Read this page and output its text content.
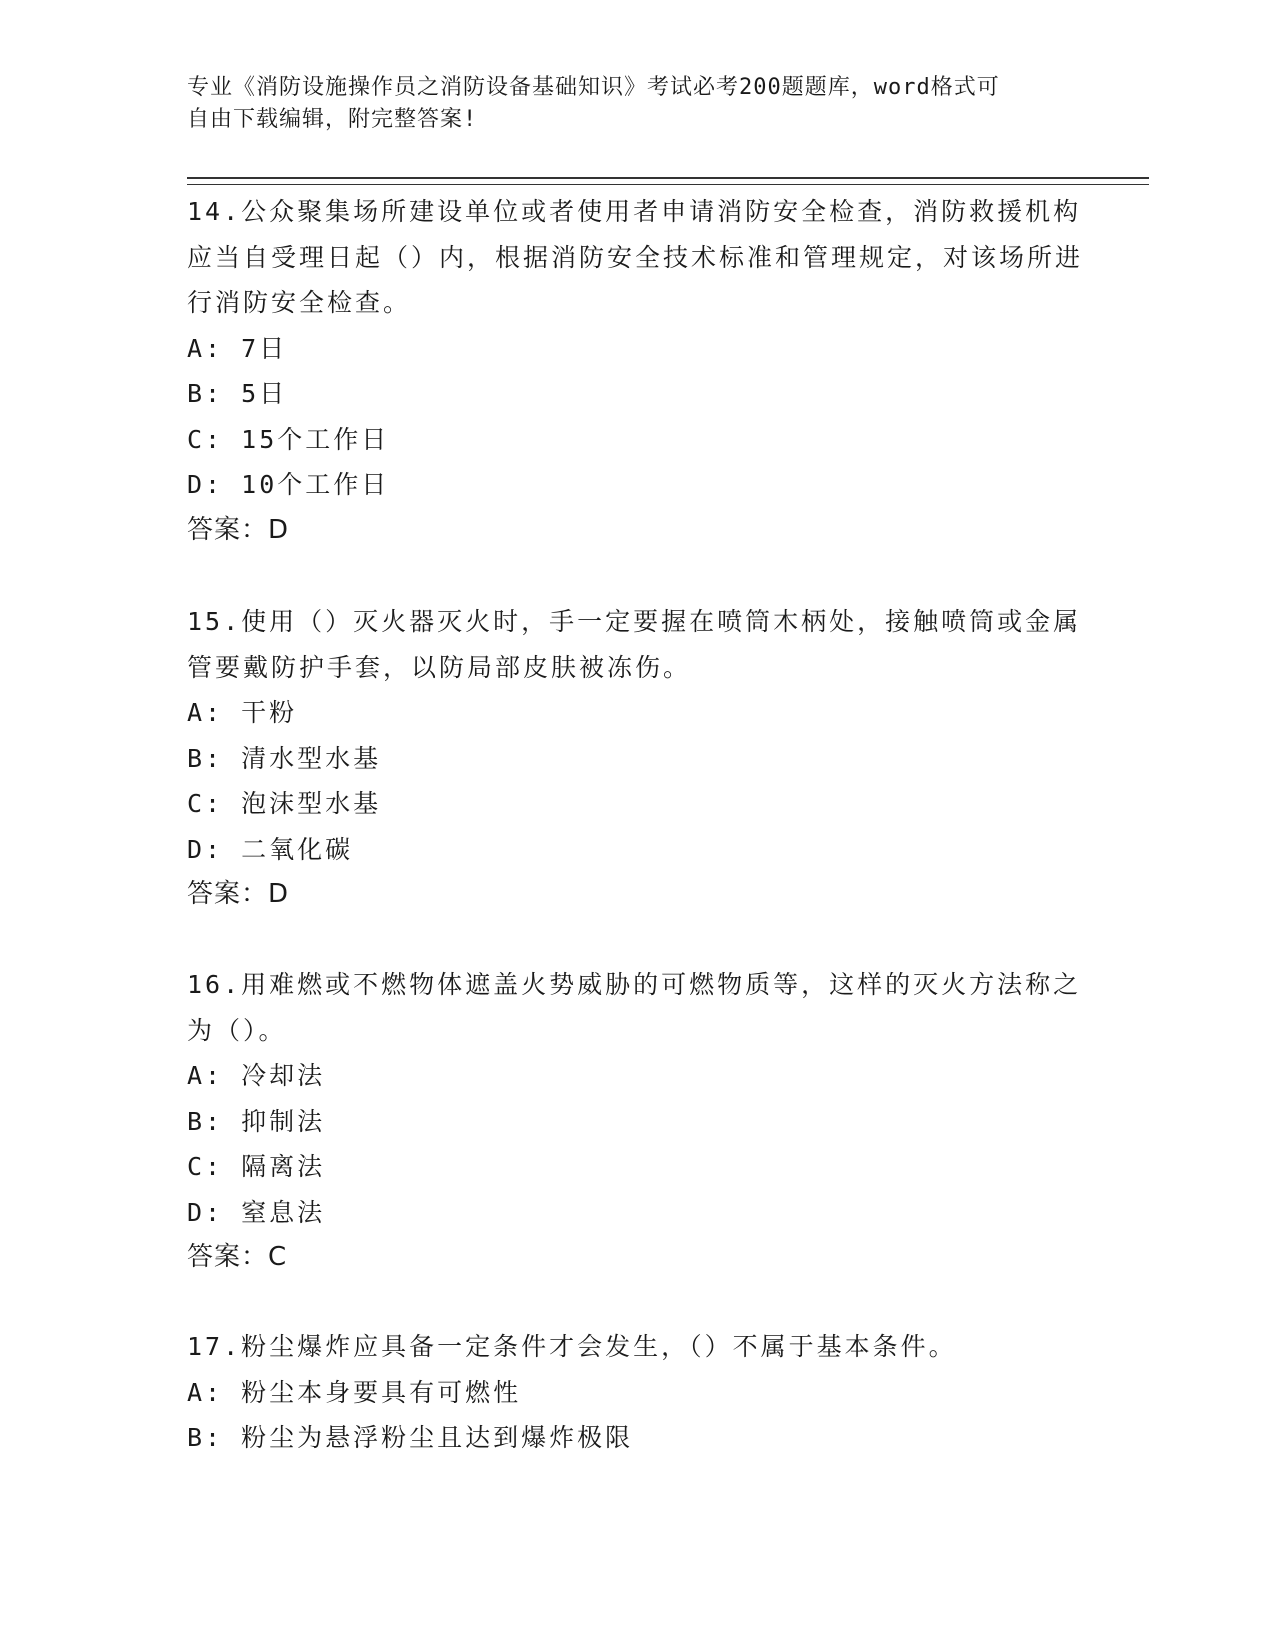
专业《消防设施操作员之消防设备基础知识》考试必考200题题库，word格式可
自由下载编辑，附完整答案!
14.公众聚集场所建设单位或者使用者申请消防安全检查，消防救援机构应当自受理日起（）内，根据消防安全技术标准和管理规定，对该场所进行消防安全检查。
A: 7日
B: 5日
C: 15个工作日
D: 10个工作日
答案：D
15.使用（）灭火器灭火时，手一定要握在喷筒木柄处，接触喷筒或金属管要戴防护手套，以防局部皮肤被冻伤。
A: 干粉
B: 清水型水基
C: 泡沫型水基
D: 二氧化碳
答案：D
16.用难燃或不燃物体遮盖火势威胁的可燃物质等，这样的灭火方法称之为（）。
A: 冷却法
B: 抑制法
C: 隔离法
D: 窒息法
答案：C
17.粉尘爆炸应具备一定条件才会发生，（）不属于基本条件。
A: 粉尘本身要具有可燃性
B: 粉尘为悬浮粉尘且达到爆炸极限
